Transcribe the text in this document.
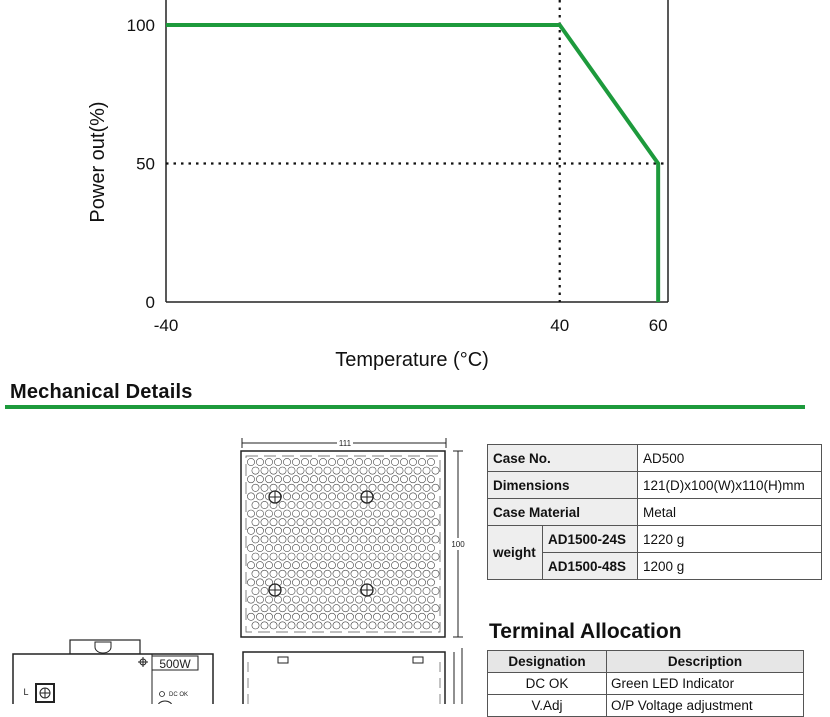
-40	40	60
100
50
0
Temperature (°C)
Power out(%)
Mechanical Details
111
100
500W
L	DC OK
Case No.		AD500
Dimensions		121(D)x100(W)x110(H)mm
Case Material		Metal
weight	AD1500-24S	1220 g
	AD1500-48S	1200 g
Terminal Allocation
Designation	Description
DC OK	Green LED Indicator
V.Adj	O/P Voltage adjustment
